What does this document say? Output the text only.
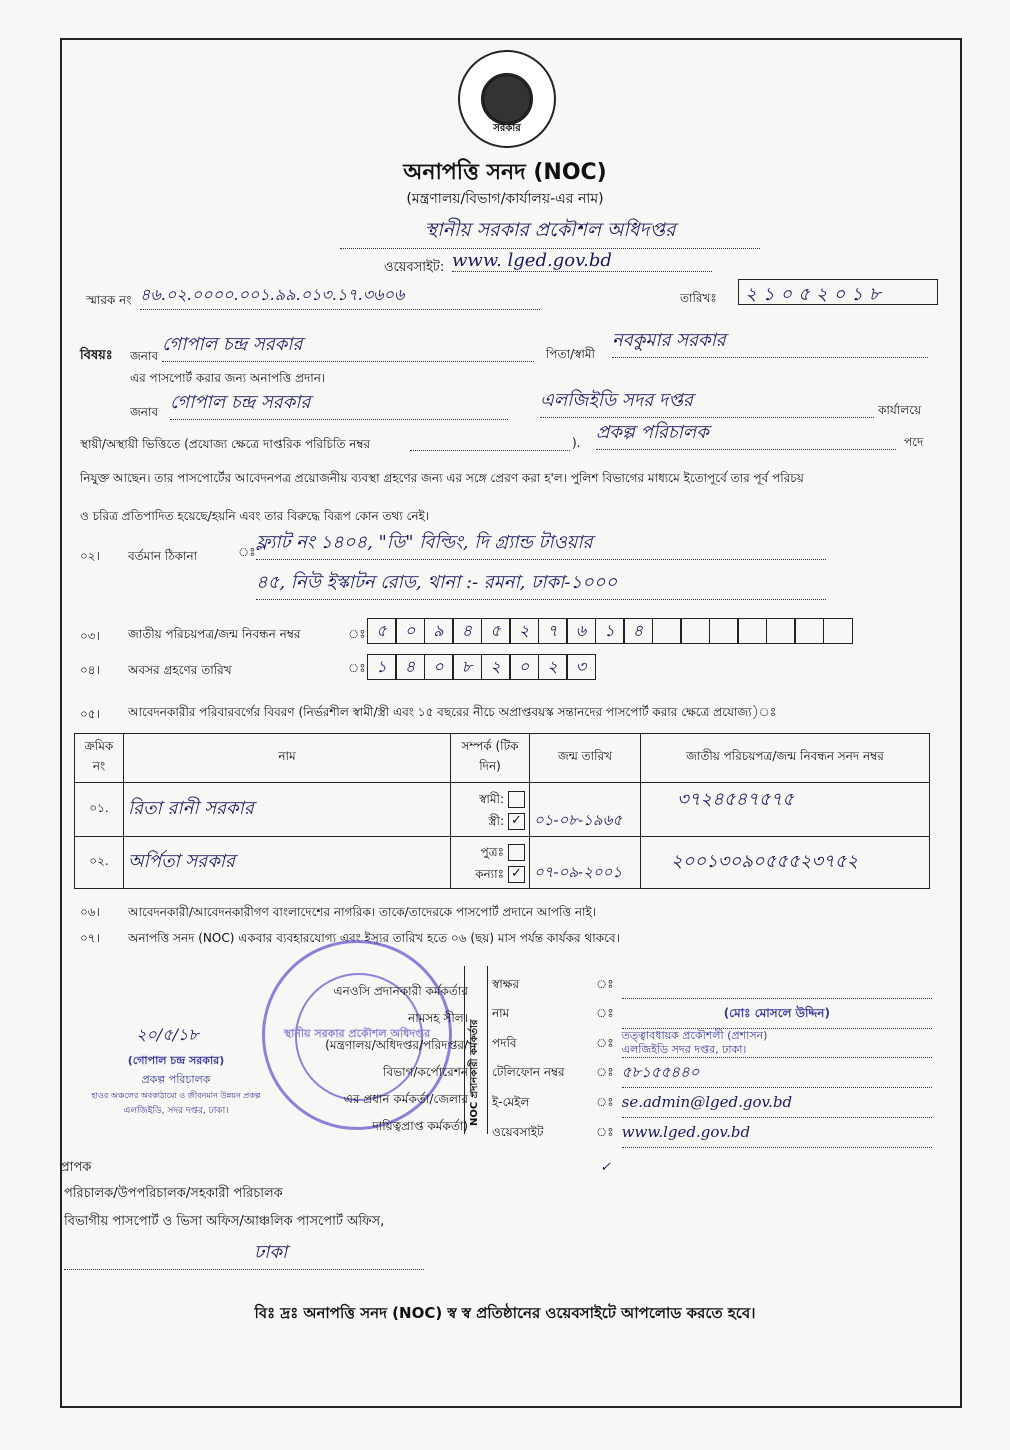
সরকার
অনাপত্তি সনদ (NOC)
(মন্ত্রণালয়/বিভাগ/কার্যালয়-এর নাম)
স্থানীয় সরকার প্রকৌশল অধিদপ্তর
ওয়েবসাইট: www. lged.gov.bd
স্মারক নং ৪৬.০২.০০০০.০০১.৯৯.০১৩.১৭.৩৬০৬	তারিখঃ	২১০৫২০১৮
বিষয়ঃ জনাব
গোপাল চন্দ্র সরকার	পিতা/স্বামী
নবকুমার সরকার
এর পাসপোর্ট করার জন্য অনাপত্তি প্রদান।
জনাব গোপাল চন্দ্র সরকার	এলজিইডি সদর দপ্তর	কার্যালয়ে
স্থায়ী/অস্থায়ী ভিত্তিতে (প্রযোজ্য ক্ষেত্রে দাপ্তরিক পরিচিতি নম্বর	). প্রকল্প পরিচালক	পদে
নিযুক্ত আছেন। তার পাসপোর্টের আবেদনপত্র প্রয়োজনীয় ব্যবস্থা গ্রহণের জন্য এর সঙ্গে প্রেরণ করা হ'ল। পুলিশ বিভাগের মাধ্যমে ইতোপূর্বে তার পূর্ব পরিচয়
ও চরিত্র প্রতিপাদিত হয়েছে/হয়নি এবং তার বিরুদ্ধে বিরূপ কোন তথ্য নেই।
০২। বর্তমান ঠিকানা	ঃ ফ্ল্যাট নং ১৪০৪, "ডি" বিল্ডিং, দি গ্র্যান্ড টাওয়ার
৪৫, নিউ ইস্কাটন রোড, থানা :- রমনা, ঢাকা-১০০০
০৩। জাতীয় পরিচয়পত্র/জন্ম নিবন্ধন নম্বর	ঃ ৫	০	৯	৪	৫	২	৭	৬	১	৪
০৪। অবসর গ্রহণের তারিখ	ঃ ১	৪	০	৮	২	০	২	৩
০৫। আবেদনকারীর পরিবারবর্গের বিবরণ (নির্ভরশীল স্বামী/স্ত্রী এবং ১৫ বছরের নীচে অপ্রাপ্তবয়স্ক সন্তানদের পাসপোর্ট করার ক্ষেত্রে প্রযোজ্য)ঃ
ক্রমিক নং	নাম	সম্পর্ক (টিক দিন)	জন্ম তারিখ	জাতীয় পরিচয়পত্র/জন্ম নিবন্ধন সনদ নম্বর
০১.	রিতা রানী সরকার	স্বামী:
স্ত্রী: ✓	০১-০৮-১৯৬৫	৩৭২৪৫৪৭৫৭৫
০২.	অর্পিতা সরকার	পুত্রঃ
কন্যাঃ ✓	০৭-০৯-২০০১	২০০১৩০৯০৫৫৫২৩৭৫২
০৬। আবেদনকারী/আবেদনকারীগণ বাংলাদেশের নাগরিক। তাকে/তাদেরকে পাসপোর্ট প্রদানে আপত্তি নাই।
০৭। অনাপত্তি সনদ (NOC) একবার ব্যবহারযোগ্য এবং ইস্যুর তারিখ হতে ০৬ (ছয়) মাস পর্যন্ত কার্যকর থাকবে।
স্থানীয় সরকার প্রকৌশল অধিদপ্তর
এনওসি প্রদানকারী কর্মকর্তার
নামসহ সীল।
(মন্ত্রণালয়/অধিদপ্তর/পরিদপ্তর/
বিভাগ/কর্পোরেশন
এর প্রধান কর্মকর্তা/জেলার
দায়িত্বপ্রাপ্ত কর্মকর্তা) NOC প্রদানকারী কর্মকর্তার
স্বাক্ষর	ঃ
নাম	ঃ	(মোঃ মোসলে উদ্দিন)
পদবি	ঃ
তত্ত্বাবধায়ক প্রকৌশলী (প্রশাসন)
এলজিইডি সদর দপ্তর, ঢাকা।
টেলিফোন নম্বর	ঃ ৫৮১৫৫৪৪০
ই-মেইল	ঃ se.admin@lged.gov.bd
ওয়েবসাইট	ঃ www.lged.gov.bd
২০/৫/১৮
(গোপাল চন্দ্র সরকার)
প্রকল্প পরিচালক
হাওর অঞ্চলের অবকাঠামো ও জীবনমান উন্নয়ন প্রকল্প
এলজিইডি, সদর দপ্তর, ঢাকা।
প্রাপক
পরিচালক/উপপরিচালক/সহকারী পরিচালক
বিভাগীয় পাসপোর্ট ও ভিসা অফিস/আঞ্চলিক পাসপোর্ট অফিস,
ঢাকা
✓
বিঃ দ্রঃ অনাপত্তি সনদ (NOC) স্ব স্ব প্রতিষ্ঠানের ওয়েবসাইটে আপলোড করতে হবে।
